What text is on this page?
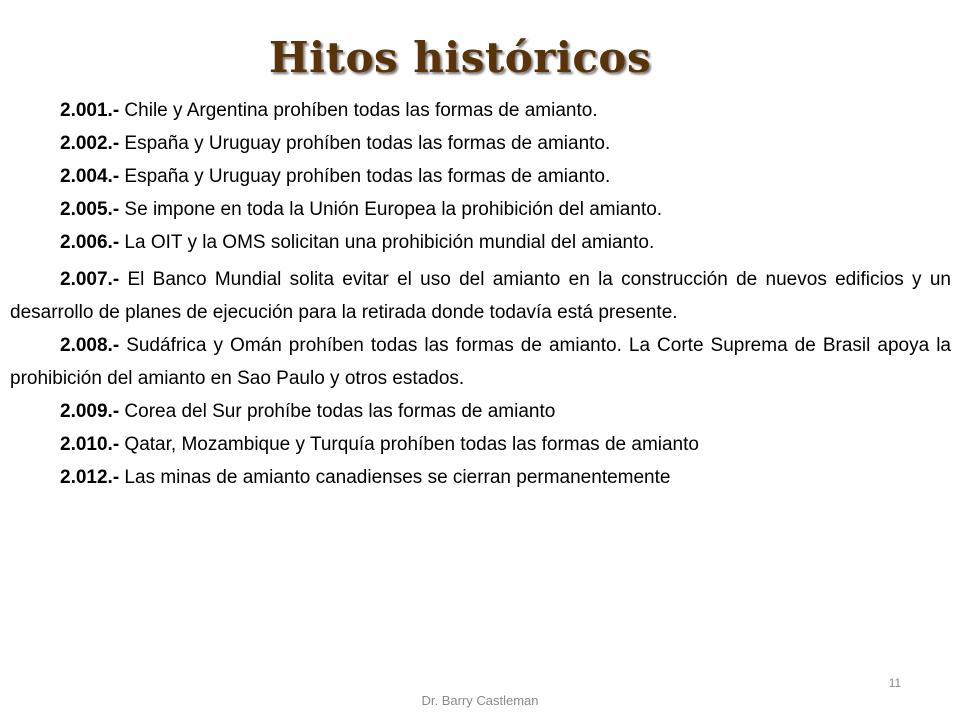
Hitos históricos

2.001.- Chile y Argentina prohíben todas las formas de amianto.

2.002.- España y Uruguay prohíben todas las formas de amianto.

2.004.- España y Uruguay prohíben todas las formas de amianto.

2.005.- Se impone en toda la Unión Europea la prohibición del amianto.

2.006.- La OIT y la OMS solicitan una prohibición mundial del amianto.

2.007.- El Banco Mundial solita evitar el uso del amianto en la construcción de nuevos edificios y un desarrollo de planes de ejecución para la retirada donde todavía está presente.

2.008.- Sudáfrica y Omán prohíben todas las formas de amianto. La Corte Suprema de Brasil apoya la prohibición del amianto en Sao Paulo y otros estados.

2.009.- Corea del Sur prohíbe todas las formas de amianto

2.010.- Qatar, Mozambique y Turquía prohíben todas las formas de amianto

2.012.- Las minas de amianto canadienses se cierran permanentemente

11
Dr. Barry Castleman
